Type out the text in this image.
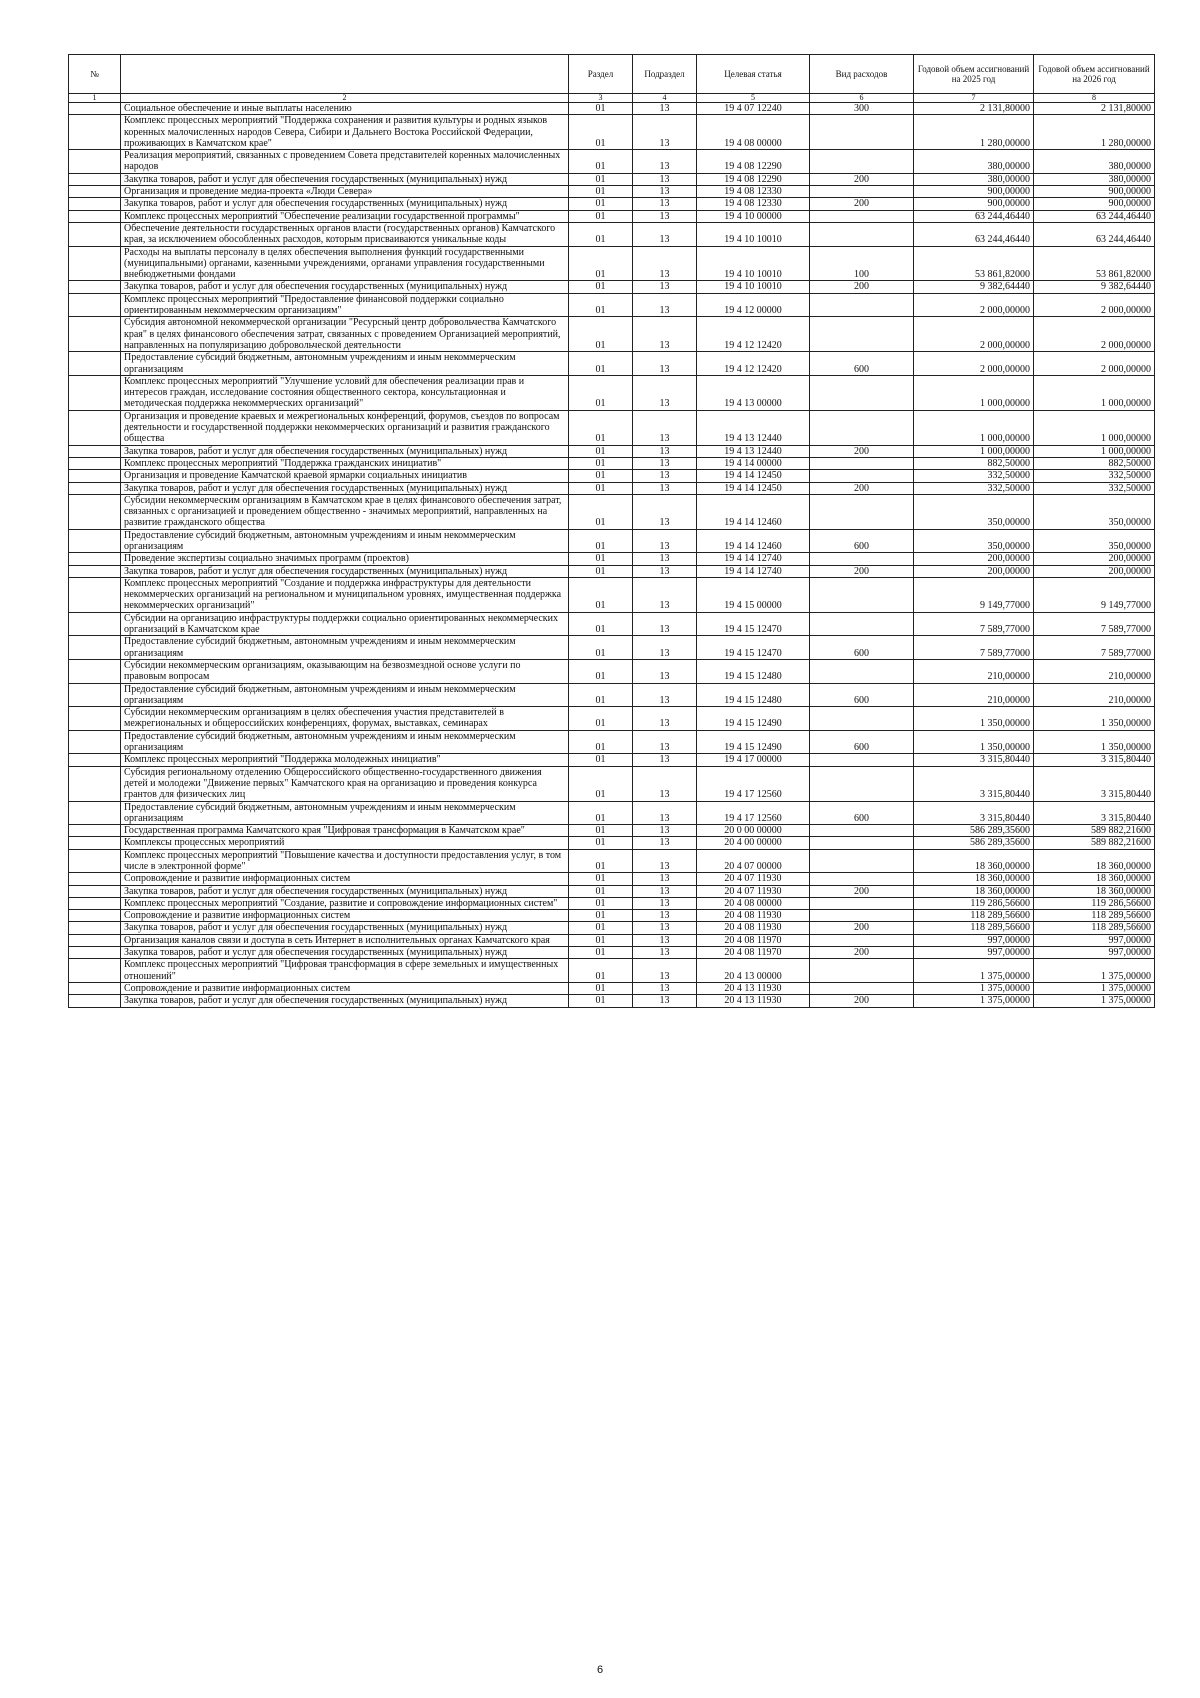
№		Раздел	Подраздел	Целевая статья	Вид расходов	Годовой объем ассигнований на 2025 год	Годовой объем ассигнований на 2026 год
1	2	3	4	5	6	7	8
	Социальное обеспечение и иные выплаты населению	01	13	19 4 07 12240	300	2 131,80000	2 131,80000
	Комплекс процессных мероприятий "Поддержка сохранения и развития культуры и родных языков коренных малочисленных народов Севера, Сибири и Дальнего Востока Российской Федерации, проживающих в Камчатском крае"	01	13	19 4 08 00000		1 280,00000	1 280,00000
	Реализация мероприятий, связанных с проведением Совета представителей коренных малочисленных народов	01	13	19 4 08 12290		380,00000	380,00000
	Закупка товаров, работ и услуг для обеспечения государственных (муниципальных) нужд	01	13	19 4 08 12290	200	380,00000	380,00000
	Организация и проведение медиа-проекта «Люди Севера»	01	13	19 4 08 12330		900,00000	900,00000
	Закупка товаров, работ и услуг для обеспечения государственных (муниципальных) нужд	01	13	19 4 08 12330	200	900,00000	900,00000
	Комплекс процессных мероприятий "Обеспечение реализации государственной программы"	01	13	19 4 10 00000		63 244,46440	63 244,46440
	Обеспечение деятельности государственных органов власти (государственных органов) Камчатского края, за исключением обособленных расходов, которым присваиваются уникальные коды	01	13	19 4 10 10010		63 244,46440	63 244,46440
	Расходы на выплаты персоналу в целях обеспечения выполнения функций государственными (муниципальными) органами, казенными учреждениями, органами управления государственными внебюджетными фондами	01	13	19 4 10 10010	100	53 861,82000	53 861,82000
	Закупка товаров, работ и услуг для обеспечения государственных (муниципальных) нужд	01	13	19 4 10 10010	200	9 382,64440	9 382,64440
	Комплекс процессных мероприятий "Предоставление финансовой поддержки социально ориентированным некоммерческим организациям"	01	13	19 4 12 00000		2 000,00000	2 000,00000
	Субсидия автономной некоммерческой организации "Ресурсный центр добровольчества Камчатского края" в целях финансового обеспечения затрат, связанных с проведением Организацией мероприятий, направленных на популяризацию добровольческой деятельности	01	13	19 4 12 12420		2 000,00000	2 000,00000
	Предоставление субсидий бюджетным, автономным учреждениям и иным некоммерческим организациям	01	13	19 4 12 12420	600	2 000,00000	2 000,00000
	Комплекс процессных мероприятий "Улучшение условий для обеспечения реализации прав и интересов граждан, исследование состояния общественного сектора, консультационная и методическая поддержка некоммерческих организаций"	01	13	19 4 13 00000		1 000,00000	1 000,00000
	Организация и проведение краевых и межрегиональных конференций, форумов, съездов по вопросам деятельности и государственной поддержки некоммерческих организаций и развития гражданского общества	01	13	19 4 13 12440		1 000,00000	1 000,00000
	Закупка товаров, работ и услуг для обеспечения государственных (муниципальных) нужд	01	13	19 4 13 12440	200	1 000,00000	1 000,00000
	Комплекс процессных мероприятий "Поддержка гражданских инициатив"	01	13	19 4 14 00000		882,50000	882,50000
	Организация и проведение Камчатской краевой ярмарки социальных инициатив	01	13	19 4 14 12450		332,50000	332,50000
	Закупка товаров, работ и услуг для обеспечения государственных (муниципальных) нужд	01	13	19 4 14 12450	200	332,50000	332,50000
	Субсидии некоммерческим организациям в Камчатском крае в целях финансового обеспечения затрат, связанных с организацией и проведением общественно - значимых мероприятий, направленных на развитие гражданского общества	01	13	19 4 14 12460		350,00000	350,00000
	Предоставление субсидий бюджетным, автономным учреждениям и иным некоммерческим организациям	01	13	19 4 14 12460	600	350,00000	350,00000
	Проведение экспертизы социально значимых программ (проектов)	01	13	19 4 14 12740		200,00000	200,00000
	Закупка товаров, работ и услуг для обеспечения государственных (муниципальных) нужд	01	13	19 4 14 12740	200	200,00000	200,00000
	Комплекс процессных мероприятий "Создание и поддержка инфраструктуры для деятельности некоммерческих организаций на региональном и муниципальном уровнях, имущественная поддержка некоммерческих организаций"	01	13	19 4 15 00000		9 149,77000	9 149,77000
	Субсидии на организацию инфраструктуры поддержки социально ориентированных некоммерческих организаций в Камчатском крае	01	13	19 4 15 12470		7 589,77000	7 589,77000
	Предоставление субсидий бюджетным, автономным учреждениям и иным некоммерческим организациям	01	13	19 4 15 12470	600	7 589,77000	7 589,77000
	Субсидии некоммерческим организациям, оказывающим на безвозмездной основе услуги по правовым вопросам	01	13	19 4 15 12480		210,00000	210,00000
	Предоставление субсидий бюджетным, автономным учреждениям и иным некоммерческим организациям	01	13	19 4 15 12480	600	210,00000	210,00000
	Субсидии некоммерческим организациям в целях обеспечения участия представителей в межрегиональных и общероссийских конференциях, форумах, выставках, семинарах	01	13	19 4 15 12490		1 350,00000	1 350,00000
	Предоставление субсидий бюджетным, автономным учреждениям и иным некоммерческим организациям	01	13	19 4 15 12490	600	1 350,00000	1 350,00000
	Комплекс процессных мероприятий "Поддержка молодежных инициатив"	01	13	19 4 17 00000		3 315,80440	3 315,80440
	Субсидия региональному отделению Общероссийского общественно-государственного движения детей и молодежи "Движение первых" Камчатского края на организацию и проведения конкурса грантов для физических лиц	01	13	19 4 17 12560		3 315,80440	3 315,80440
	Предоставление субсидий бюджетным, автономным учреждениям и иным некоммерческим организациям	01	13	19 4 17 12560	600	3 315,80440	3 315,80440
	Государственная программа Камчатского края "Цифровая трансформация в Камчатском крае"	01	13	20 0 00 00000		586 289,35600	589 882,21600
	Комплексы процессных мероприятий	01	13	20 4 00 00000		586 289,35600	589 882,21600
	Комплекс процессных мероприятий "Повышение качества и доступности предоставления услуг, в том числе в электронной форме"	01	13	20 4 07 00000		18 360,00000	18 360,00000
	Сопровождение и развитие информационных систем	01	13	20 4 07 11930		18 360,00000	18 360,00000
	Закупка товаров, работ и услуг для обеспечения государственных (муниципальных) нужд	01	13	20 4 07 11930	200	18 360,00000	18 360,00000
	Комплекс процессных мероприятий "Создание, развитие и сопровождение информационных систем"	01	13	20 4 08 00000		119 286,56600	119 286,56600
	Сопровождение и развитие информационных систем	01	13	20 4 08 11930		118 289,56600	118 289,56600
	Закупка товаров, работ и услуг для обеспечения государственных (муниципальных) нужд	01	13	20 4 08 11930	200	118 289,56600	118 289,56600
	Организация каналов связи и доступа в сеть Интернет в исполнительных органах Камчатского края	01	13	20 4 08 11970		997,00000	997,00000
	Закупка товаров, работ и услуг для обеспечения государственных (муниципальных) нужд	01	13	20 4 08 11970	200	997,00000	997,00000
	Комплекс процессных мероприятий "Цифровая трансформация в сфере земельных и имущественных отношений"	01	13	20 4 13 00000		1 375,00000	1 375,00000
	Сопровождение и развитие информационных систем	01	13	20 4 13 11930		1 375,00000	1 375,00000
	Закупка товаров, работ и услуг для обеспечения государственных (муниципальных) нужд	01	13	20 4 13 11930	200	1 375,00000	1 375,00000
6
